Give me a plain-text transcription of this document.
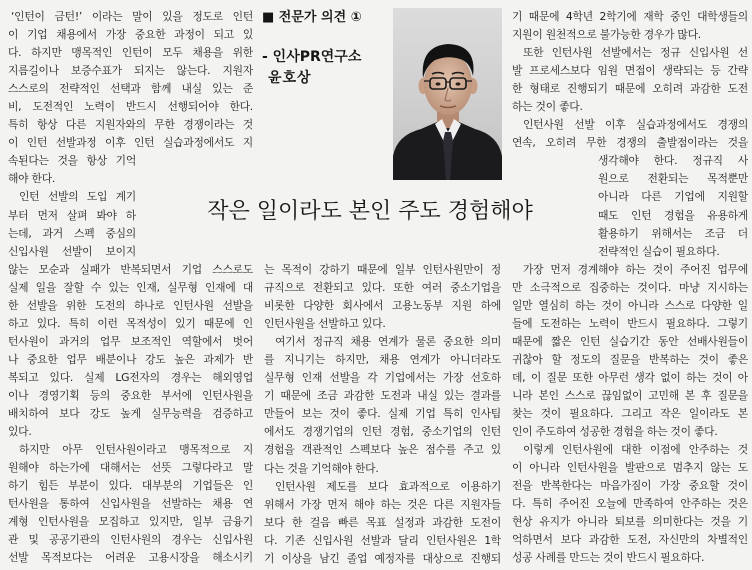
■ 전문가 의견 ①
- 인사PR연구소
윤호상
작은 일이라도 본인 주도 경험해야
‘인턴이 금턴!’ 이라는 말이 있을 정도로 인턴
이 기업 채용에서 가장 중요한 과정이 되고 있
다. 하지만 맹목적인 인턴이 모두 채용을 위한
지름길이나 보증수표가 되지는 않는다. 지원자
스스로의 전략적인 선택과 함께 내실 있는 준
비, 도전적인 노력이 반드시 선행되어야 한다.
특히 항상 다른 지원자와의 무한 경쟁이라는 것
이 인턴 선발과정 이후 인턴 실습과정에서도 지
속된다는 것을 항상 기억
해야 한다.
인턴 선발의 도입 계기
부터 먼저 살펴 봐야 하
는데, 과거 스펙 중심의
신입사원 선발이 보이지
않는 모순과 실패가 반복되면서 기업 스스로도
실제 일을 잘할 수 있는 인재, 실무형 인재에 대
한 선발을 위한 도전의 하나로 인턴사원 선발을
하고 있다. 특히 이런 목적성이 있기 때문에 인
턴사원이 과거의 업무 보조적인 역할에서 벗어
나 중요한 업무 배분이나 강도 높은 과제가 반
복되고 있다. 실제 LG전자의 경우는 해외영업
이나 경영기획 등의 중요한 부서에 인턴사원을
배치하여 보다 강도 높게 실무능력을 검증하고
있다.
하지만 아무 인턴사원이라고 맹목적으로 지
원해야 하는가에 대해서는 선뜻 그렇다라고 말
하기 힘든 부분이 있다. 대부분의 기업들은 인
턴사원을 통하여 신입사원을 선발하는 채용 연
계형 인턴사원을 모집하고 있지만, 일부 금융기
관 및 공공기관의 인턴사원의 경우는 신입사원
선발 목적보다는 어려운 고용시장을 해소시키
는 목적이 강하기 때문에 일부 인턴사원만이 정
규직으로 전환되고 있다. 또한 여러 중소기업을
비롯한 다양한 회사에서 고용노동부 지원 하에
인턴사원을 선발하고 있다.
여기서 정규직 채용 연계가 물론 중요한 의미
를 지니기는 하지만, 채용 연계가 아니더라도
실무형 인재 선발을 각 기업에서는 가장 선호하
기 때문에 조금 과감한 도전과 내실 있는 결과를
만들어 보는 것이 좋다. 실제 기업 특히 인사팀
에서도 경쟁기업의 인턴 경험, 중소기업의 인턴
경험을 객관적인 스펙보다 높은 점수를 주고 있
다는 것을 기억해야 한다.
인턴사원 제도를 보다 효과적으로 이용하기
위해서 가장 먼저 해야 하는 것은 다른 지원자들
보다 한 걸음 빠른 목표 설정과 과감한 도전이
다. 기존 신입사원 선발과 달리 인턴사원은 1학
기 이상을 남긴 졸업 예정자를 대상으로 진행되
기 때문에 4학년 2학기에 재학 중인 대학생들의
지원이 원천적으로 불가능한 경우가 많다.
또한 인턴사원 선발에서는 정규 신입사원 선
발 프로세스보다 임원 면접이 생략되는 등 간략
한 형태로 진행되기 때문에 오히려 과감한 도전
하는 것이 좋다.
인턴사원 선발 이후 실습과정에서도 경쟁의
연속, 오히려 무한 경쟁의 출발점이라는 것을
생각해야 한다. 정규직 사
원으로 전환되는 목적뿐만
아니라 다른 기업에 지원할
때도 인턴 경험을 유용하게
활용하기 위해서는 조금 더
전략적인 실습이 필요하다.
가장 먼저 경계해야 하는 것이 주어진 업무에
만 소극적으로 집중하는 것이다. 마냥 지시하는
일만 열심히 하는 것이 아니라 스스로 다양한 일
들에 도전하는 노력이 반드시 필요하다. 그렇기
때문에 짧은 인턴 실습기간 동안 선배사원들이
귀찮아 할 정도의 질문을 반복하는 것이 좋은
데, 이 질문 또한 아무런 생각 없이 하는 것이 아
니라 본인 스스로 끊임없이 고민해 본 후 질문을
찾는 것이 필요하다. 그리고 작은 일이라도 본
인이 주도하여 성공한 경험을 하는 것이 좋다.
이렇게 인턴사원에 대한 이점에 안주하는 것
이 아니라 인턴사원을 발판으로 멈추지 않는 도
전을 반복한다는 마음가짐이 가장 중요할 것이
다. 특히 주어진 오늘에 만족하여 안주하는 것은
현상 유지가 아니라 퇴보를 의미한다는 것을 기
억하면서 보다 과감한 도전, 자신만의 차별적인
성공 사례를 만드는 것이 반드시 필요하다.
